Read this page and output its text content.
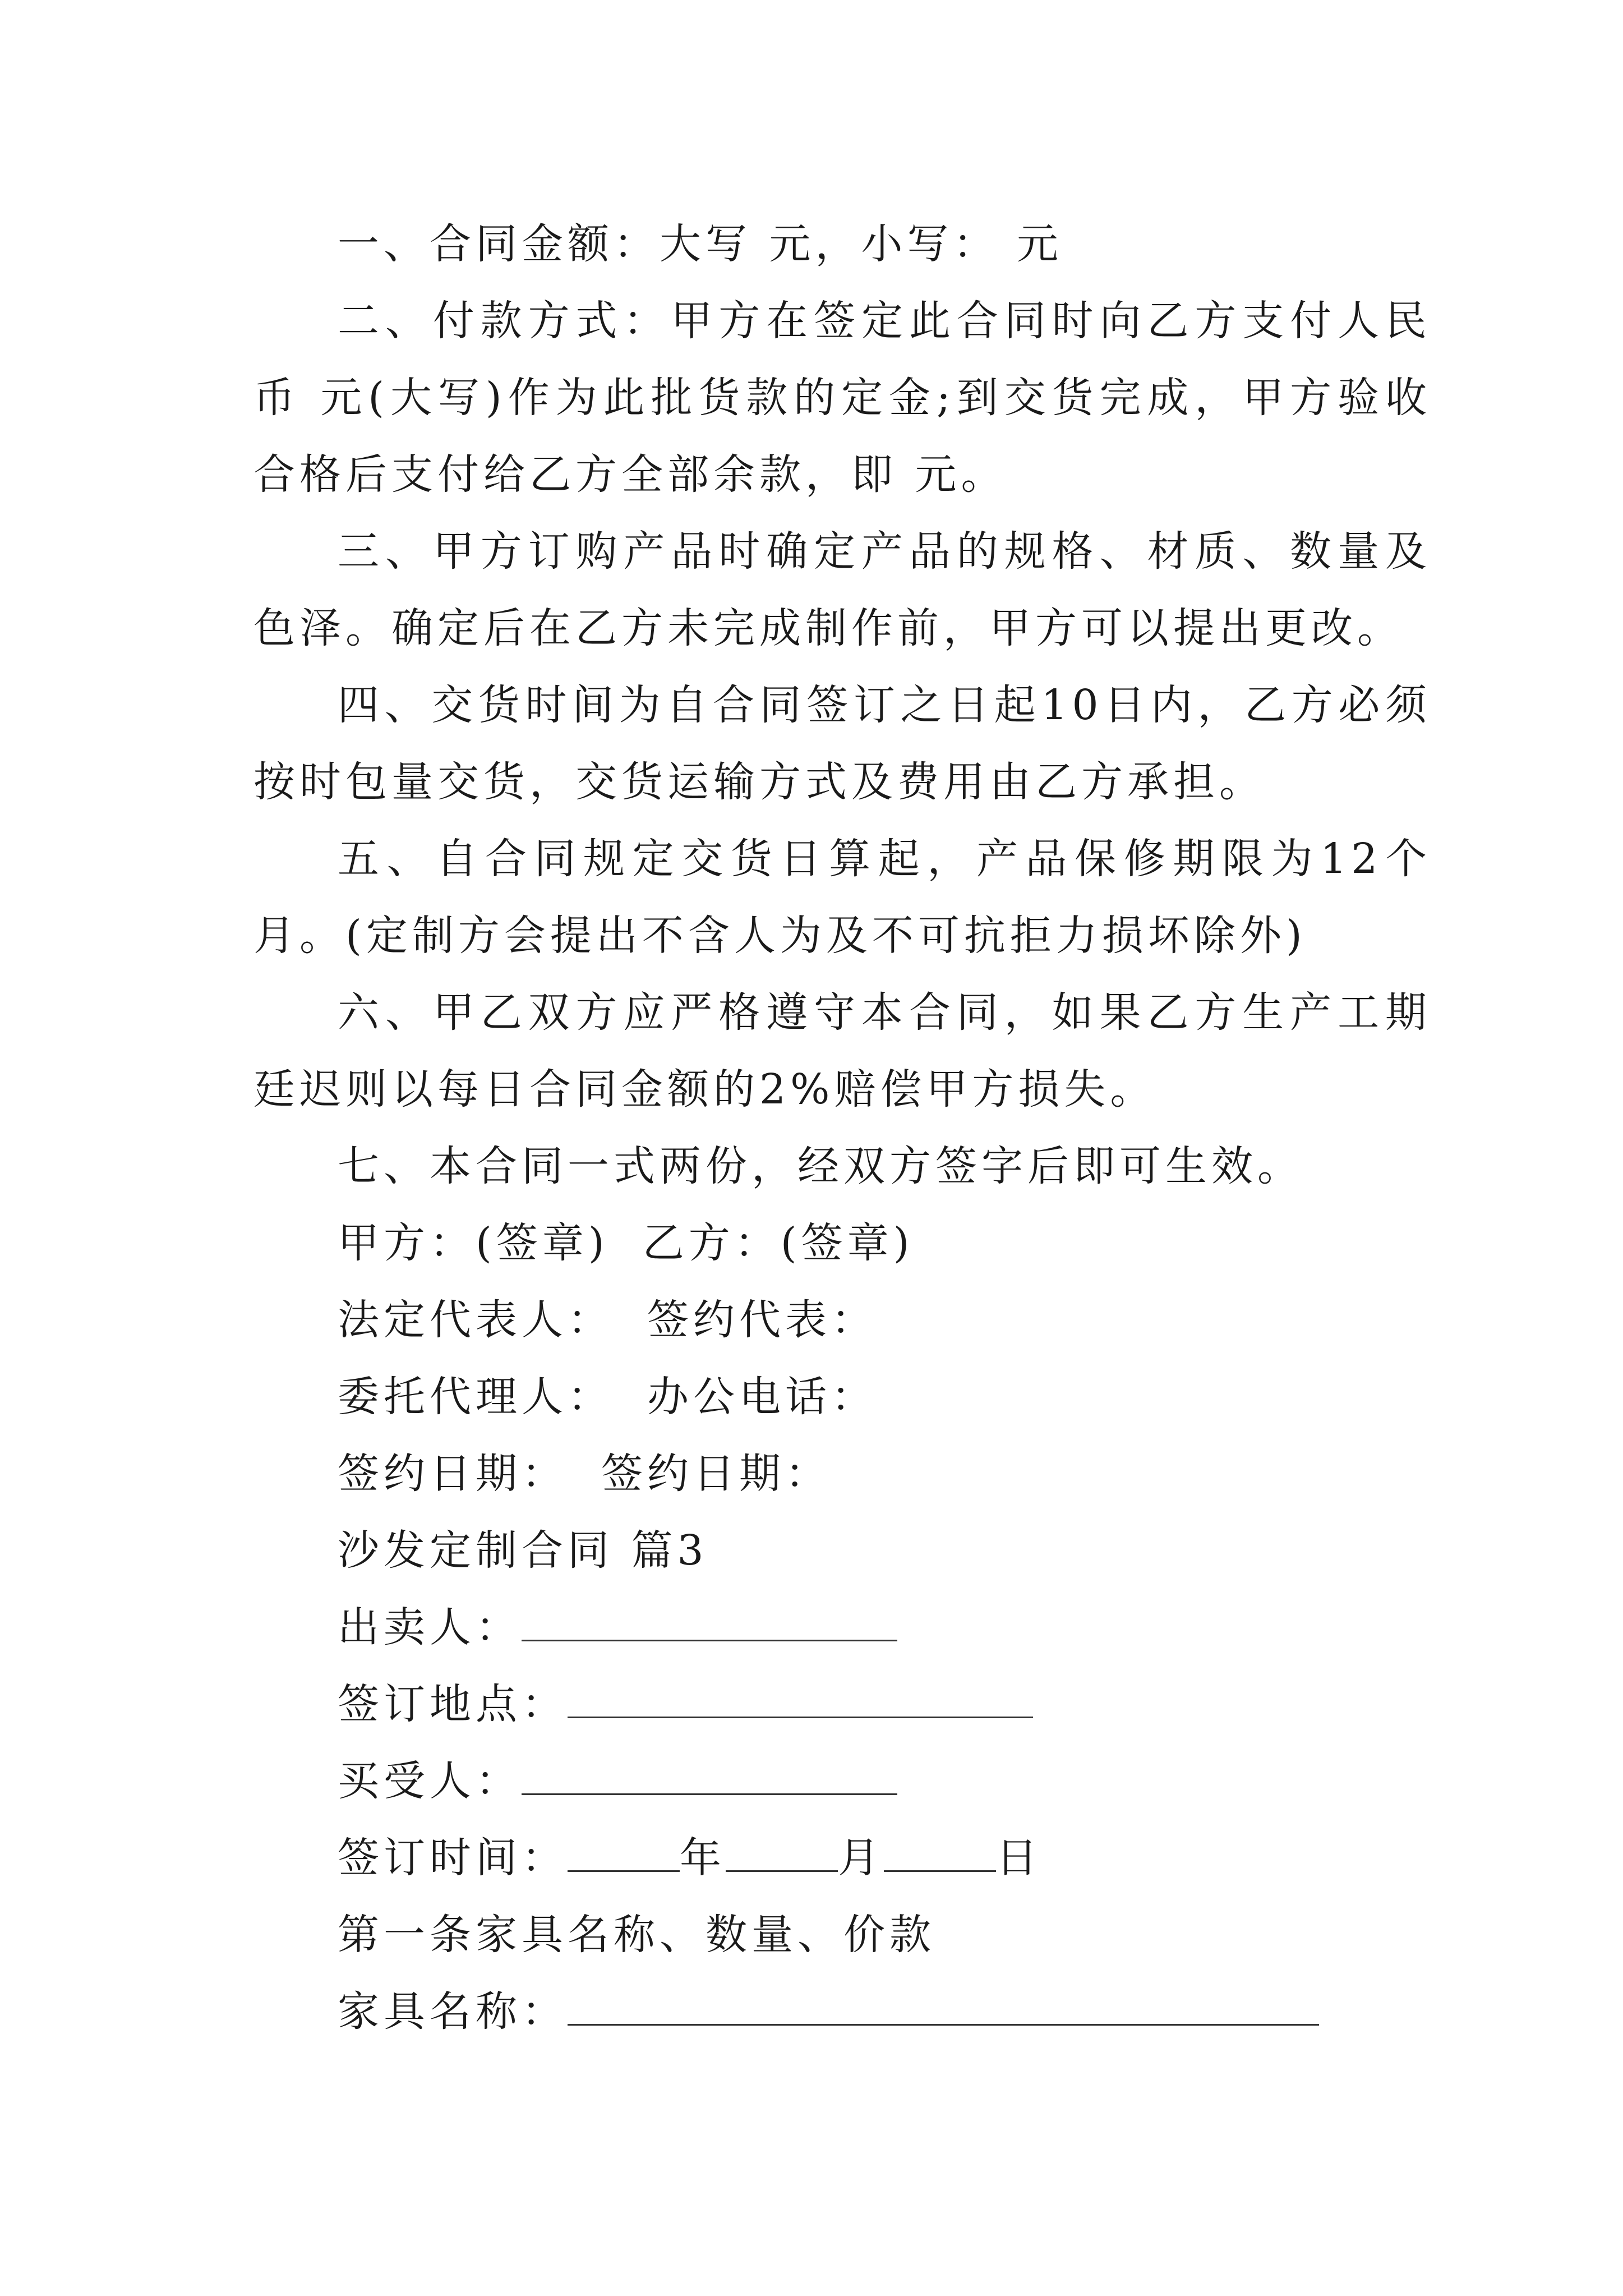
一、合同金额：大写 元，小写： 元

二、付款方式：甲方在签定此合同时向乙方支付人民币 元(大写)作为此批货款的定金;到交货完成，甲方验收合格后支付给乙方全部余款，即 元。

三、甲方订购产品时确定产品的规格、材质、数量及色泽。确定后在乙方未完成制作前，甲方可以提出更改。

四、交货时间为自合同签订之日起10日内，乙方必须按时包量交货，交货运输方式及费用由乙方承担。

五、自合同规定交货日算起，产品保修期限为12个月。(定制方会提出不含人为及不可抗拒力损坏除外)

六、甲乙双方应严格遵守本合同，如果乙方生产工期廷迟则以每日合同金额的2%赔偿甲方损失。

七、本合同一式两份，经双方签字后即可生效。

甲方：(签章) 乙方：(签章)

法定代表人： 签约代表：

委托代理人： 办公电话：

签约日期： 签约日期：

沙发定制合同 篇3

出卖人：

签订地点：

买受人：

签订时间：	年	月	日

第一条家具名称、数量、价款

家具名称：
